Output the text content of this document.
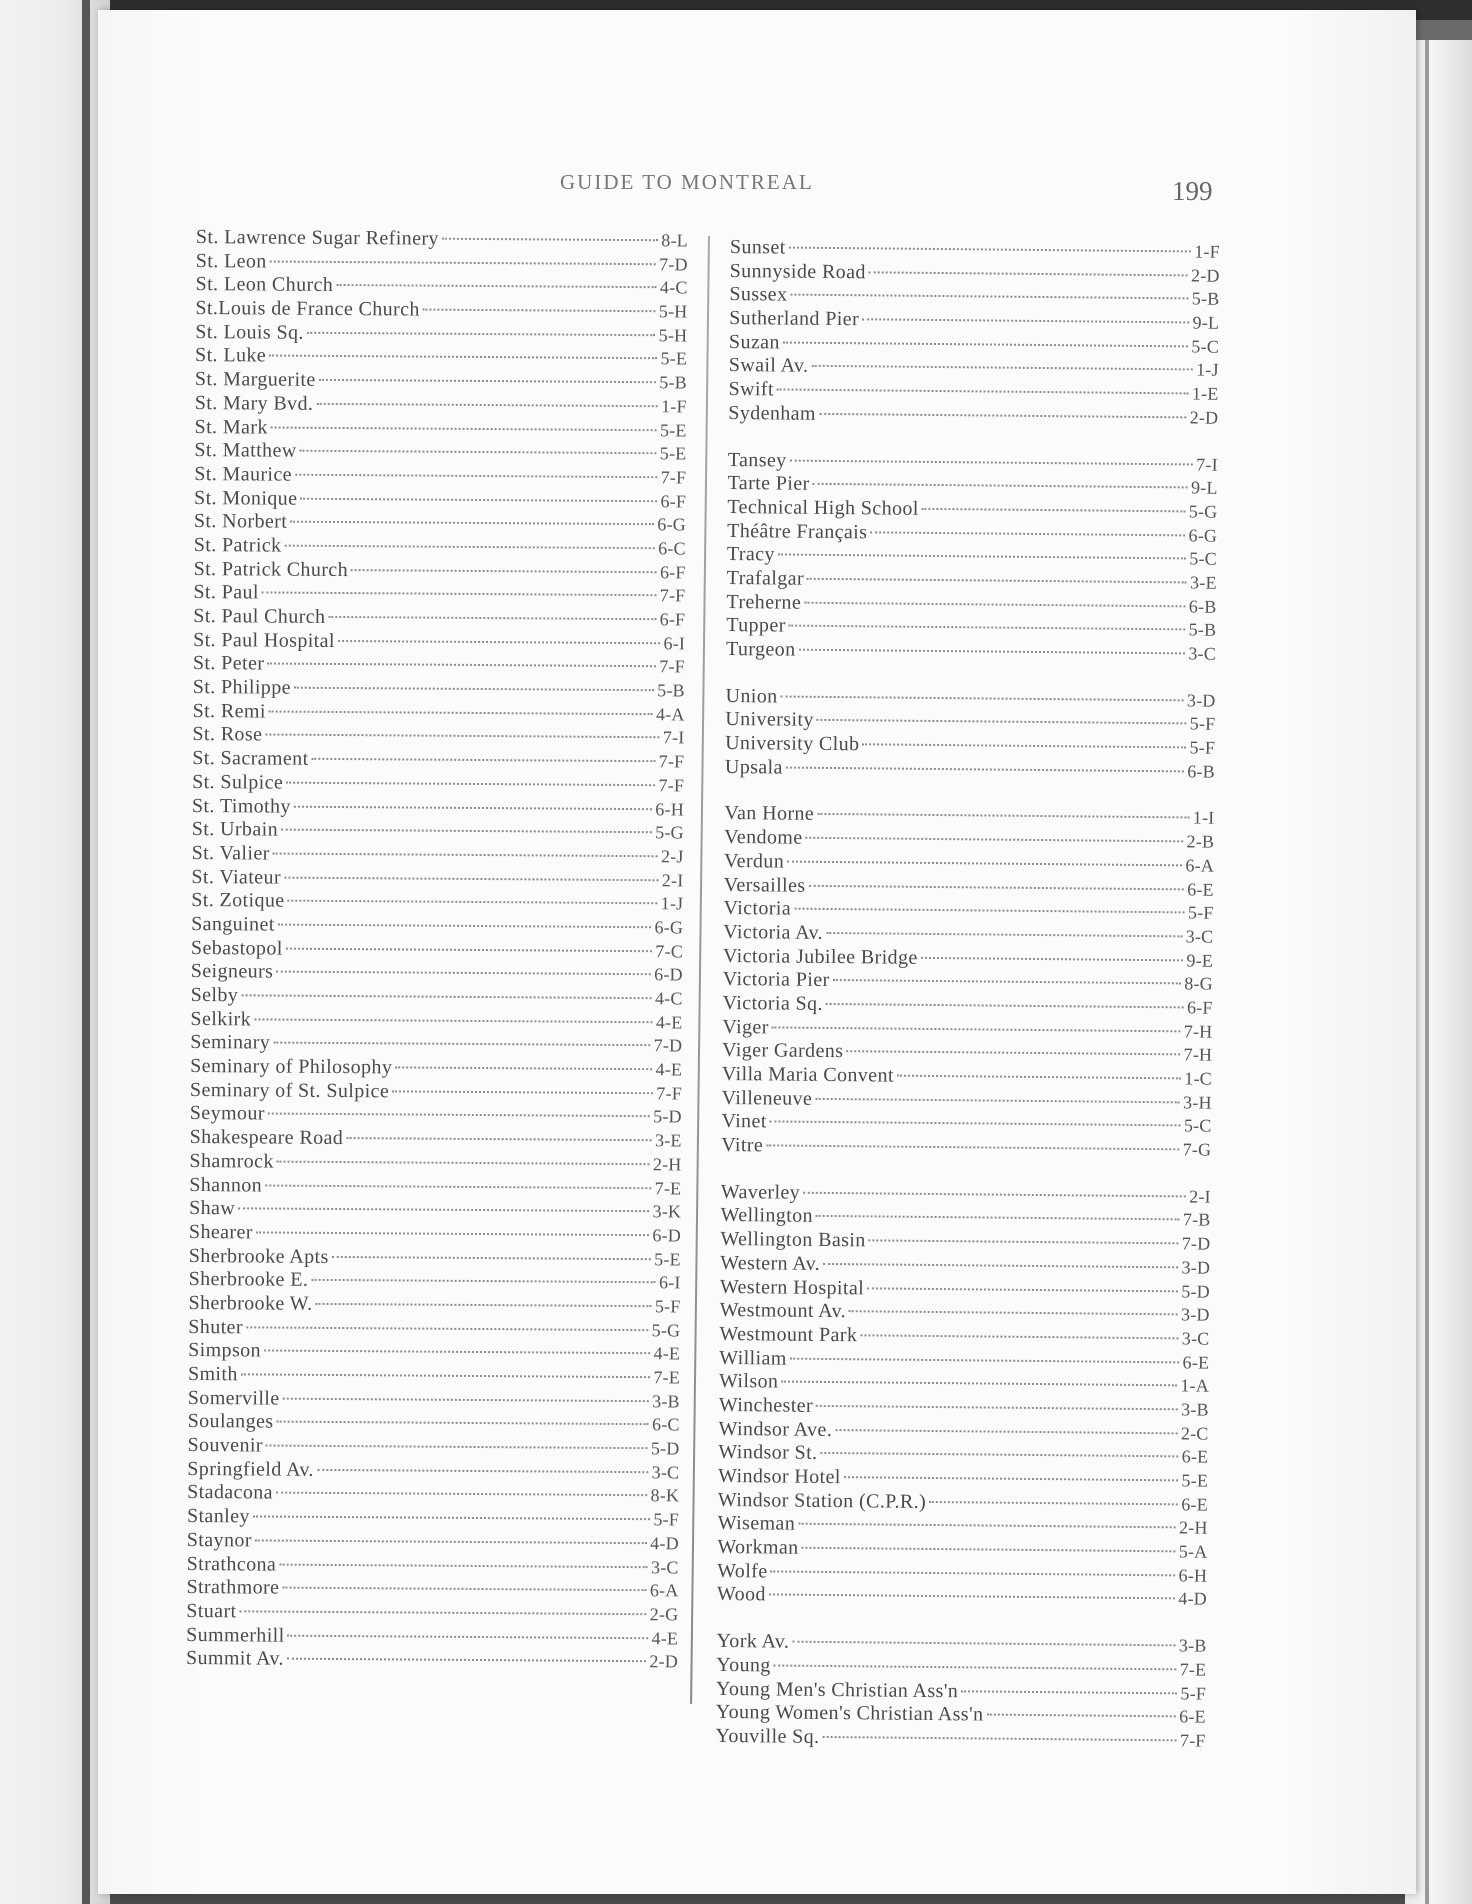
GUIDE TO MONTREAL	199
St. Lawrence Sugar Refinery	8-L
St. Leon	7-D
St. Leon Church	4-C
St.Louis de France Church	5-H
St. Louis Sq.	5-H
St. Luke	5-E
St. Marguerite	5-B
St. Mary Bvd.	1-F
St. Mark	5-E
St. Matthew	5-E
St. Maurice	7-F
St. Monique	6-F
St. Norbert	6-G
St. Patrick	6-C
St. Patrick Church	6-F
St. Paul	7-F
St. Paul Church	6-F
St. Paul Hospital	6-I
St. Peter	7-F
St. Philippe	5-B
St. Remi	4-A
St. Rose	7-I
St. Sacrament	7-F
St. Sulpice	7-F
St. Timothy	6-H
St. Urbain	5-G
St. Valier	2-J
St. Viateur	2-I
St. Zotique	1-J
Sanguinet	6-G
Sebastopol	7-C
Seigneurs	6-D
Selby	4-C
Selkirk	4-E
Seminary	7-D
Seminary of Philosophy	4-E
Seminary of St. Sulpice	7-F
Seymour	5-D
Shakespeare Road	3-E
Shamrock	2-H
Shannon	7-E
Shaw	3-K
Shearer	6-D
Sherbrooke Apts	5-E
Sherbrooke E.	6-I
Sherbrooke W.	5-F
Shuter	5-G
Simpson	4-E
Smith	7-E
Somerville	3-B
Soulanges	6-C
Souvenir	5-D
Springfield Av.	3-C
Stadacona	8-K
Stanley	5-F
Staynor	4-D
Strathcona	3-C
Strathmore	6-A
Stuart	2-G
Summerhill	4-E
Summit Av.	2-D
Sunset	1-F
Sunnyside Road	2-D
Sussex	5-B
Sutherland Pier	9-L
Suzan	5-C
Swail Av.	1-J
Swift	1-E
Sydenham	2-D
Tansey	7-I
Tarte Pier	9-L
Technical High School	5-G
Théâtre Français	6-G
Tracy	5-C
Trafalgar	3-E
Treherne	6-B
Tupper	5-B
Turgeon	3-C
Union	3-D
University	5-F
University Club	5-F
Upsala	6-B
Van Horne	1-I
Vendome	2-B
Verdun	6-A
Versailles	6-E
Victoria	5-F
Victoria Av.	3-C
Victoria Jubilee Bridge	9-E
Victoria Pier	8-G
Victoria Sq.	6-F
Viger	7-H
Viger Gardens	7-H
Villa Maria Convent	1-C
Villeneuve	3-H
Vinet	5-C
Vitre	7-G
Waverley	2-I
Wellington	7-B
Wellington Basin	7-D
Western Av.	3-D
Western Hospital	5-D
Westmount Av.	3-D
Westmount Park	3-C
William	6-E
Wilson	1-A
Winchester	3-B
Windsor Ave.	2-C
Windsor St.	6-E
Windsor Hotel	5-E
Windsor Station (C.P.R.)	6-E
Wiseman	2-H
Workman	5-A
Wolfe	6-H
Wood	4-D
York Av.	3-B
Young	7-E
Young Men's Christian Ass'n	5-F
Young Women's Christian Ass'n	6-E
Youville Sq.	7-F
